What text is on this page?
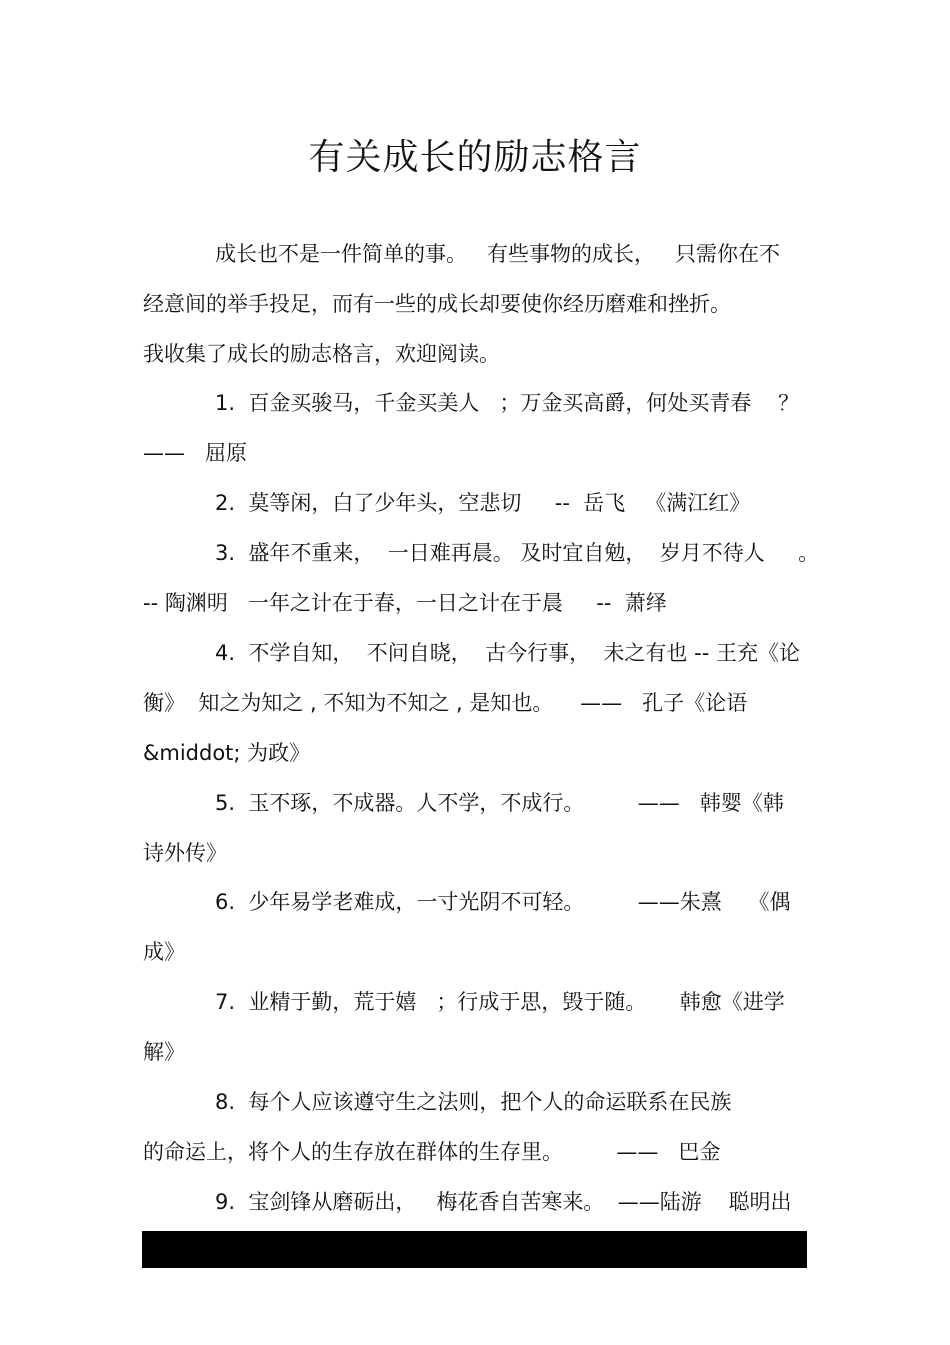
有关成长的励志格言
成长也不是一件简单的事。   有些事物的成长，   只需你在不
经意间的举手投足，而有一些的成长却要使你经历磨难和挫折。
我收集了成长的励志格言，欢迎阅读。
1.  百金买骏马，千金买美人   ；万金买高爵，何处买青春    ？
——   屈原
2.  莫等闲，白了少年头，空悲切     --  岳飞   《满江红》
3.  盛年不重来，  一日难再晨。 及时宜自勉，  岁月不待人     。
-- 陶渊明   一年之计在于春，一日之计在于晨     --  萧绎
4.  不学自知，  不问自晓，  古今行事，  未之有也 -- 王充《论
衡》  知之为知之 , 不知为不知之 , 是知也。    ——   孔子《论语
&middot; 为政》
5.  玉不琢，不成器。人不学，不成行。        ——   韩婴《韩
诗外传》
6.  少年易学老难成，一寸光阴不可轻。        ——朱熹    《偶
成》
7.  业精于勤，荒于嬉   ；行成于思，毁于随。     韩愈《进学
解》
8.  每个人应该遵守生之法则，把个人的命运联系在民族
的命运上，将个人的生存放在群体的生存里。        ——   巴金
9.  宝剑锋从磨砺出，   梅花香自苦寒来。  ——陆游    聪明出
